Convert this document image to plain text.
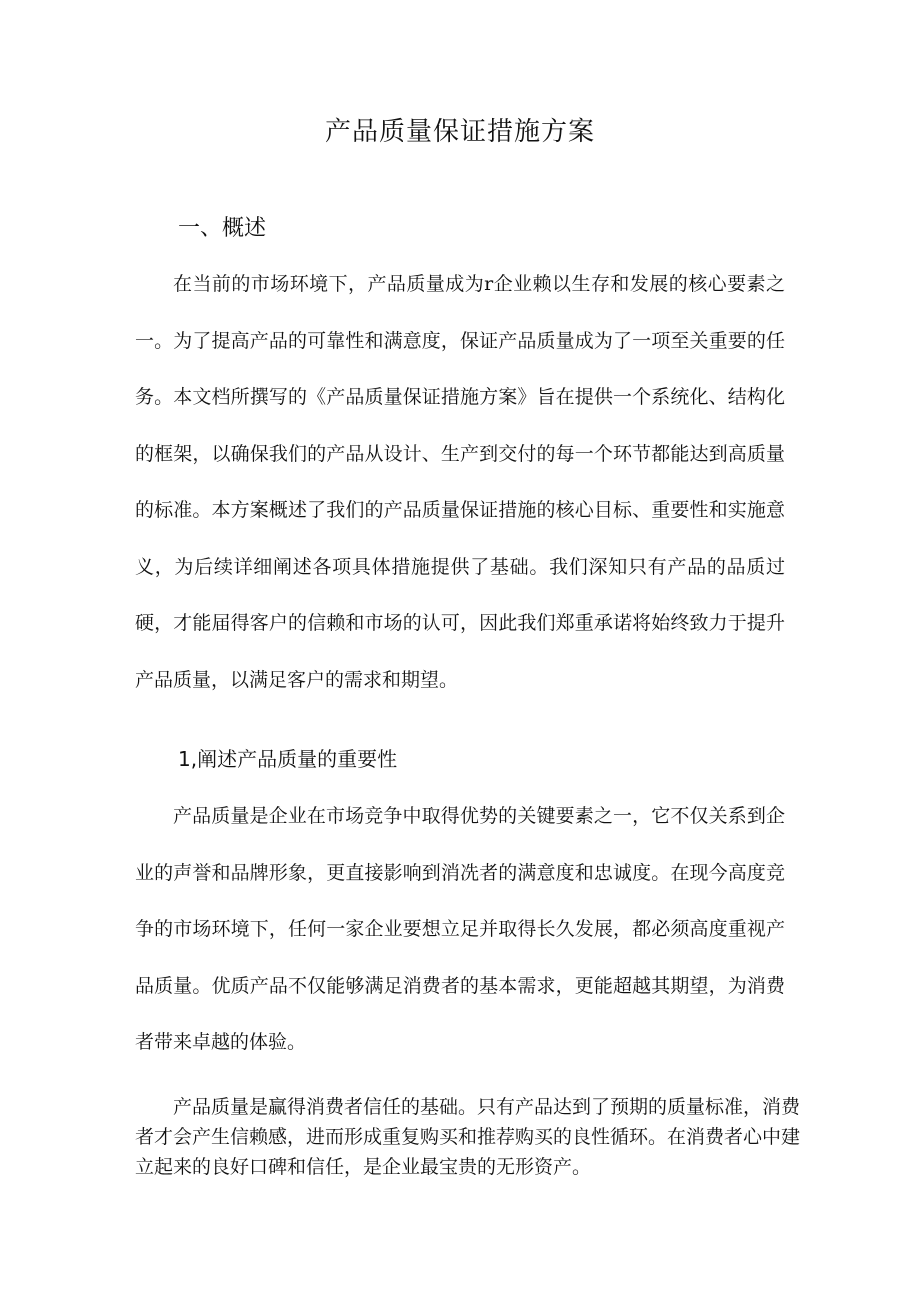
产品质量保证措施方案
一、概述

在当前的市场环境下，产品质量成为r企业赖以生存和发展的核心要素之一。为了提高产品的可靠性和满意度，保证产品质量成为了一项至关重要的任务。本文档所撰写的《产品质量保证措施方案》旨在提供一个系统化、结构化的框架，以确保我们的产品从设计、生产到交付的每一个环节都能达到高质量的标准。本方案概述了我们的产品质量保证措施的核心目标、重要性和实施意义，为后续详细阐述各项具体措施提供了基础。我们深知只有产品的品质过硬，才能届得客户的信赖和市场的认可，因此我们郑重承诺将始终致力于提升产品质量，以满足客户的需求和期望。

1,阐述产品质量的重要性

产品质量是企业在市场竞争中取得优势的关键要素之一，它不仅关系到企业的声誉和品牌形象，更直接影响到消冼者的满意度和忠诚度。在现今高度竞争的市场环境下，任何一家企业要想立足并取得长久发展，都必须高度重视产品质量。优质产品不仅能够满足消费者的基本需求，更能超越其期望，为消费者带来卓越的体验。

产品质量是赢得消费者信任的基础。只有产品达到了预期的质量标准，消费者才会产生信赖感，进而形成重复购买和推荐购买的良性循环。在消费者心中建立起来的良好口碑和信任，是企业最宝贵的无形资产。
